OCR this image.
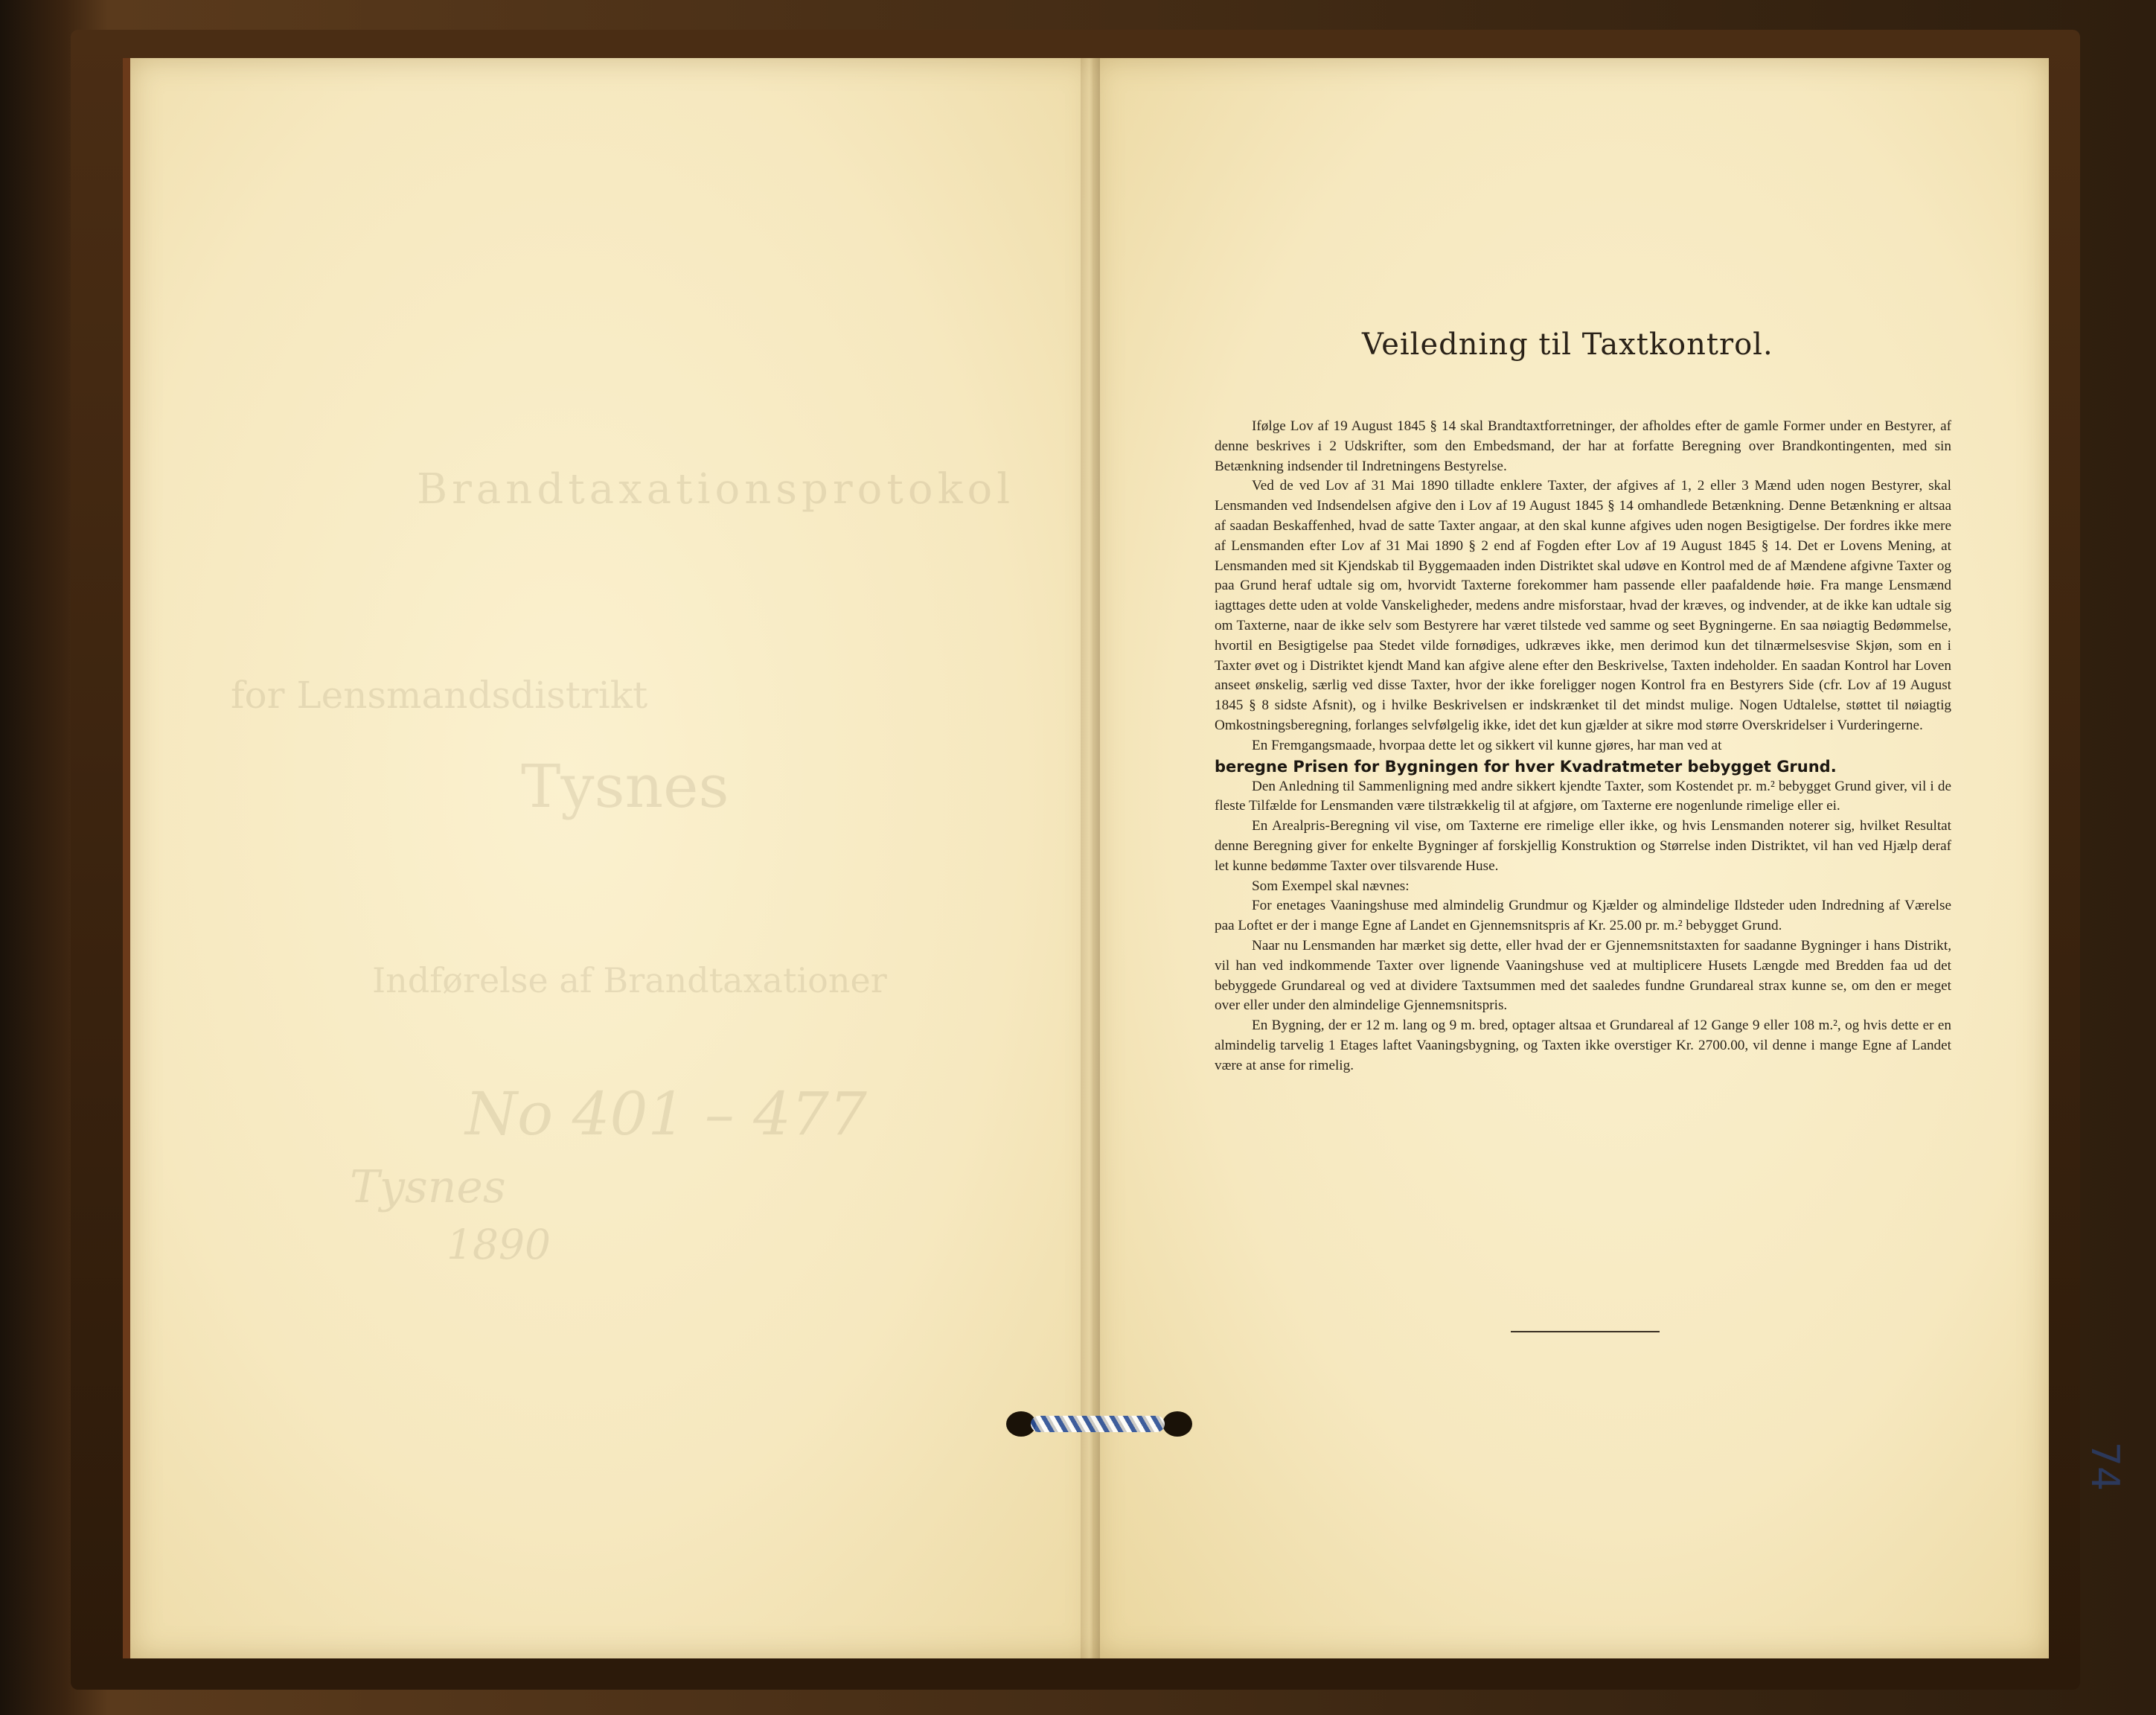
Brandtaxationsprotokol
for Lensmandsdistrikt
Tysnes
Indførelse af Brandtaxationer
No 401 – 477
Tysnes
1890
Veiledning til Taxtkontrol.

Ifølge Lov af 19 August 1845 § 14 skal Brandtaxtforretninger, der afholdes efter de gamle Former under en Bestyrer, af denne beskrives i 2 Udskrifter, som den Embedsmand, der har at forfatte Beregning over Brandkontingenten, med sin Betænkning indsender til Indretningens Bestyrelse.

Ved de ved Lov af 31 Mai 1890 tilladte enklere Taxter, der afgives af 1, 2 eller 3 Mænd uden nogen Bestyrer, skal Lensmanden ved Indsendelsen afgive den i Lov af 19 August 1845 § 14 omhandlede Betænkning. Denne Betænkning er altsaa af saadan Beskaffenhed, hvad de satte Taxter angaar, at den skal kunne afgives uden nogen Besigtigelse. Der fordres ikke mere af Lensmanden efter Lov af 31 Mai 1890 § 2 end af Fogden efter Lov af 19 August 1845 § 14. Det er Lovens Mening, at Lensmanden med sit Kjendskab til Byggemaaden inden Distriktet skal udøve en Kontrol med de af Mændene afgivne Taxter og paa Grund heraf udtale sig om, hvorvidt Taxterne forekommer ham passende eller paafaldende høie. Fra mange Lensmænd iagttages dette uden at volde Vanskeligheder, medens andre misforstaar, hvad der kræves, og indvender, at de ikke kan udtale sig om Taxterne, naar de ikke selv som Bestyrere har været tilstede ved samme og seet Bygningerne. En saa nøiagtig Bedømmelse, hvortil en Besigtigelse paa Stedet vilde fornødiges, udkræves ikke, men derimod kun det tilnærmelsesvise Skjøn, som en i Taxter øvet og i Distriktet kjendt Mand kan afgive alene efter den Beskrivelse, Taxten indeholder. En saadan Kontrol har Loven anseet ønskelig, særlig ved disse Taxter, hvor der ikke foreligger nogen Kontrol fra en Bestyrers Side (cfr. Lov af 19 August 1845 § 8 sidste Afsnit), og i hvilke Beskrivelsen er indskrænket til det mindst mulige. Nogen Udtalelse, støttet til nøiagtig Omkostningsberegning, forlanges selvfølgelig ikke, idet det kun gjælder at sikre mod større Overskridelser i Vurderingerne.

En Fremgangsmaade, hvorpaa dette let og sikkert vil kunne gjøres, har man ved at

beregne Prisen for Bygningen for hver Kvadratmeter bebygget Grund.

Den Anledning til Sammenligning med andre sikkert kjendte Taxter, som Kostendet pr. m.² bebygget Grund giver, vil i de fleste Tilfælde for Lensmanden være tilstrækkelig til at afgjøre, om Taxterne ere nogenlunde rimelige eller ei.

En Arealpris-Beregning vil vise, om Taxterne ere rimelige eller ikke, og hvis Lensmanden noterer sig, hvilket Resultat denne Beregning giver for enkelte Bygninger af forskjellig Konstruktion og Størrelse inden Distriktet, vil han ved Hjælp deraf let kunne bedømme Taxter over tilsvarende Huse.

Som Exempel skal nævnes:

For enetages Vaaningshuse med almindelig Grundmur og Kjælder og almindelige Ildsteder uden Indredning af Værelse paa Loftet er der i mange Egne af Landet en Gjennemsnitspris af Kr. 25.00 pr. m.² bebygget Grund.

Naar nu Lensmanden har mærket sig dette, eller hvad der er Gjennemsnitstaxten for saadanne Bygninger i hans Distrikt, vil han ved indkommende Taxter over lignende Vaaningshuse ved at multiplicere Husets Længde med Bredden faa ud det bebyggede Grundareal og ved at dividere Taxtsummen med det saaledes fundne Grundareal strax kunne se, om den er meget over eller under den almindelige Gjennemsnitspris.

En Bygning, der er 12 m. lang og 9 m. bred, optager altsaa et Grundareal af 12 Gange 9 eller 108 m.², og hvis dette er en almindelig tarvelig 1 Etages laftet Vaaningsbygning, og Taxten ikke overstiger Kr. 2700.00, vil denne i mange Egne af Landet være at anse for rimelig.

74
